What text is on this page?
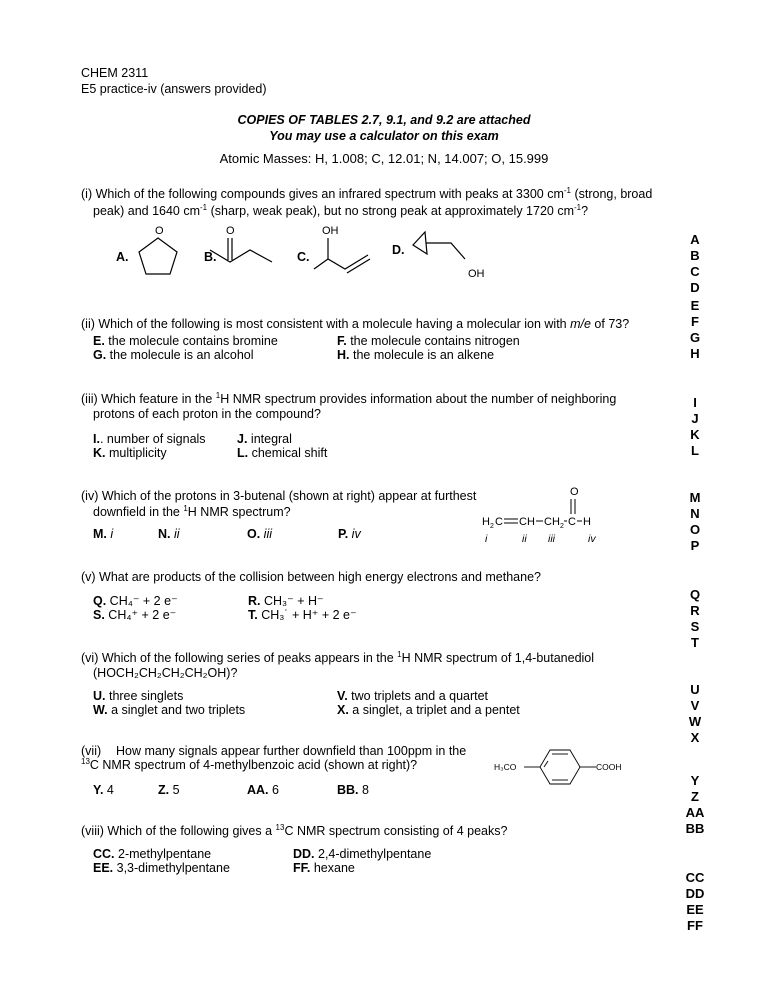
CHEM 2311
E5 practice-iv (answers provided)
COPIES OF TABLES 2.7, 9.1, and 9.2 are attached
You may use a calculator on this exam
Atomic Masses: H, 1.008; C, 12.01; N, 14.007; O, 15.999
(i) Which of the following compounds gives an infrared spectrum with peaks at 3300 $cm^{-1}$ (strong, broad
peak) and 1640 $cm^{-1}$ (sharp, weak peak), but no strong peak at approximately 1720 $cm^{-1}$?
A.
O
B.
O
C.
OH
D.
OH
A
B
C
D
(ii) Which of the following is most consistent with a molecule having a molecular ion with m/e of 73?
E. the molecule contains bromine	F. the molecule contains nitrogen
G. the molecule is an alcohol	H. the molecule is an alkene
E
F
G
H
(iii) Which feature in the $^1$H NMR spectrum provides information about the number of neighboring
protons of each proton in the compound?
I.. number of signals	J. integral
K. multiplicity	L. chemical shift
I
J
K
L
(iv) Which of the protons in 3-butenal (shown at right) appear at furthest
downfield in the $^1$H NMR spectrum?
M. i	N. ii	O. iii	P. iv
O
H 2 C CH CH 2 C H
i	ii iii	iv
M
N
O
P
(v) What are products of the collision between high energy electrons and methane?
Q. CH₄⁻ + 2 e⁻	R. CH₃⁻ + H⁻
S. CH₄⁺ + 2 e⁻	T. CH₃˙ + H⁺ + 2 e⁻
Q
R
S
T
(vi) Which of the following series of peaks appears in the $^1$H NMR spectrum of 1,4-butanediol
(HOCH₂CH₂CH₂CH₂OH)?
U. three singlets	V. two triplets and a quartet
W. a singlet and two triplets	X. a singlet, a triplet and a pentet
U
V
W
X
(vii) How many signals appear further downfield than 100ppm in the
$^{13}$C NMR spectrum of 4-methylbenzoic acid (shown at right)?
Y. 4	Z. 5	AA. 6	BB. 8
H₃CO	COOH
Y
Z
AA
BB
(viii) Which of the following gives a $^{13}$C NMR spectrum consisting of 4 peaks?
CC. 2-methylpentane	DD. 2,4-dimethylpentane
EE. 3,3-dimethylpentane	FF. hexane
CC
DD
EE
FF
